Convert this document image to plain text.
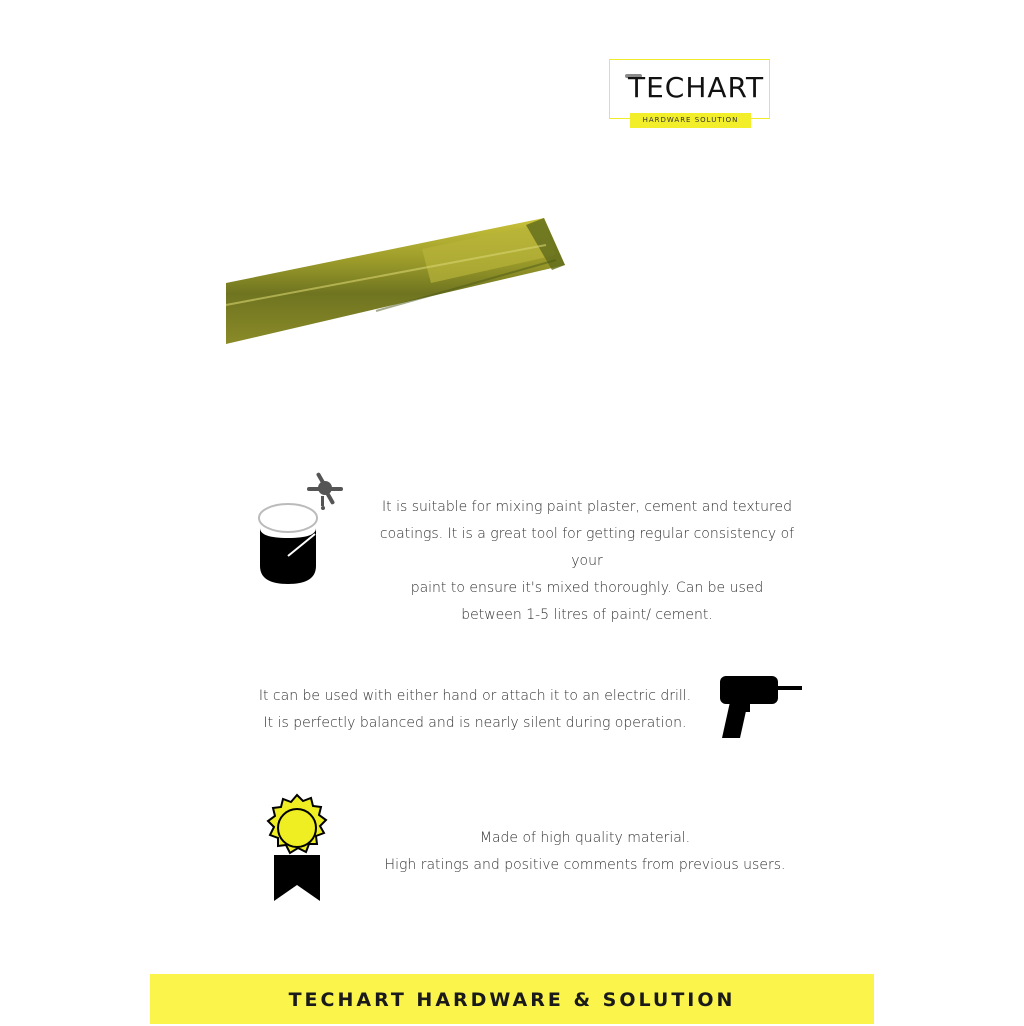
TECHART
HARDWARE SOLUTION
It is suitable for mixing paint plaster, cement and textured
coatings. It is a great tool for getting regular consistency of your
paint to ensure it's mixed thoroughly. Can be used
between 1-5 litres of paint/ cement.
It can be used with either hand or attach it to an electric drill.
It is perfectly balanced and is nearly silent during operation.
Made of high quality material.
High ratings and positive comments from previous users.
TECHART HARDWARE & SOLUTION
